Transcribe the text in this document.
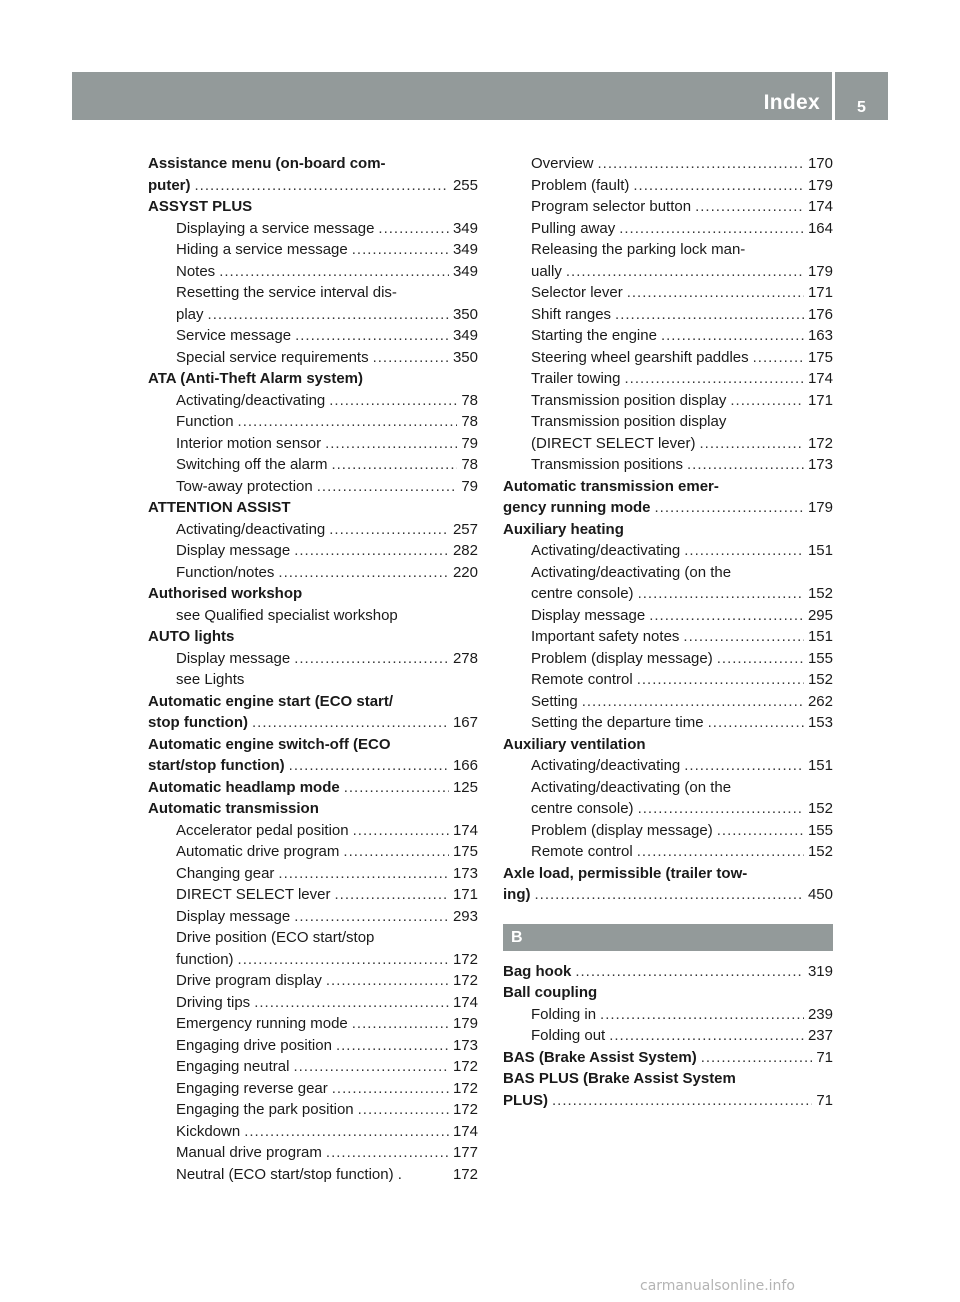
Index	5
Assistance menu (on-board com-
puter) .....	255
ASSYST PLUS
Displaying a service message .....	349
Hiding a service message .....	349
Notes .....	349
Resetting the service interval dis-
play .....	350
Service message .....	349
Special service requirements .....	350
ATA (Anti-Theft Alarm system)
Activating/deactivating .....	78
Function .....	78
Interior motion sensor .....	79
Switching off the alarm .....	78
Tow-away protection .....	79
ATTENTION ASSIST
Activating/deactivating .....	257
Display message .....	282
Function/notes .....	220
Authorised workshop
see Qualified specialist workshop
AUTO lights
Display message .....	278
see Lights
Automatic engine start (ECO start/
stop function) .....	167
Automatic engine switch-off (ECO
start/stop function) .....	166
Automatic headlamp mode .....	125
Automatic transmission
Accelerator pedal position .....	174
Automatic drive program .....	175
Changing gear .....	173
DIRECT SELECT lever .....	171
Display message .....	293
Drive position (ECO start/stop
function) .....	172
Drive program display .....	172
Driving tips .....	174
Emergency running mode .....	179
Engaging drive position .....	173
Engaging neutral .....	172
Engaging reverse gear .....	172
Engaging the park position .....	172
Kickdown .....	174
Manual drive program .....	177
Neutral (ECO start/stop function) .	172
Overview .....	170
Problem (fault) .....	179
Program selector button .....	174
Pulling away .....	164
Releasing the parking lock man-
ually .....	179
Selector lever .....	171
Shift ranges .....	176
Starting the engine .....	163
Steering wheel gearshift paddles .....	175
Trailer towing .....	174
Transmission position display .....	171
Transmission position display
(DIRECT SELECT lever) .....	172
Transmission positions .....	173
Automatic transmission emer-
gency running mode .....	179
Auxiliary heating
Activating/deactivating .....	151
Activating/deactivating (on the
centre console) .....	152
Display message .....	295
Important safety notes .....	151
Problem (display message) .....	155
Remote control .....	152
Setting .....	262
Setting the departure time .....	153
Auxiliary ventilation
Activating/deactivating .....	151
Activating/deactivating (on the
centre console) .....	152
Problem (display message) .....	155
Remote control .....	152
Axle load, permissible (trailer tow-
ing) .....	450
B
Bag hook .....	319
Ball coupling
Folding in .....	239
Folding out .....	237
BAS (Brake Assist System) .....	71
BAS PLUS (Brake Assist System
PLUS) .....	71
carmanualsonline.info
